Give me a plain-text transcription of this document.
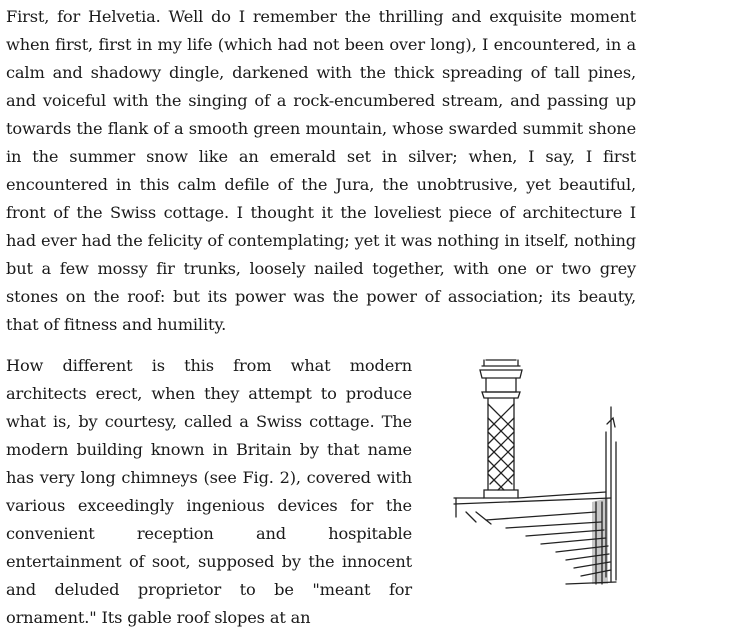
First, for Helvetia. Well do I remember the thrilling and exquisite moment when first, first in my life (which had not been over long), I encountered, in a calm and shadowy dingle, darkened with the thick spreading of tall pines, and voiceful with the singing of a rock-encumbered stream, and passing up towards the flank of a smooth green mountain, whose swarded summit shone in the summer snow like an emerald set in silver; when, I say, I first encountered in this calm defile of the Jura, the unobtrusive, yet beautiful, front of the Swiss cottage. I thought it the loveliest piece of architecture I had ever had the felicity of contemplating; yet it was nothing in itself, nothing but a few mossy fir trunks, loosely nailed together, with one or two grey stones on the roof: but its power was the power of association; its beauty, that of fitness and humility.

How different is this from what modern architects erect, when they attempt to produce what is, by courtesy, called a Swiss cottage. The modern building known in Britain by that name has very long chimneys (see Fig. 2), covered with various exceedingly ingenious devices for the convenient reception and hospitable entertainment of soot, supposed by the innocent and deluded proprietor to be "meant for ornament." Its gable roof slopes at an
